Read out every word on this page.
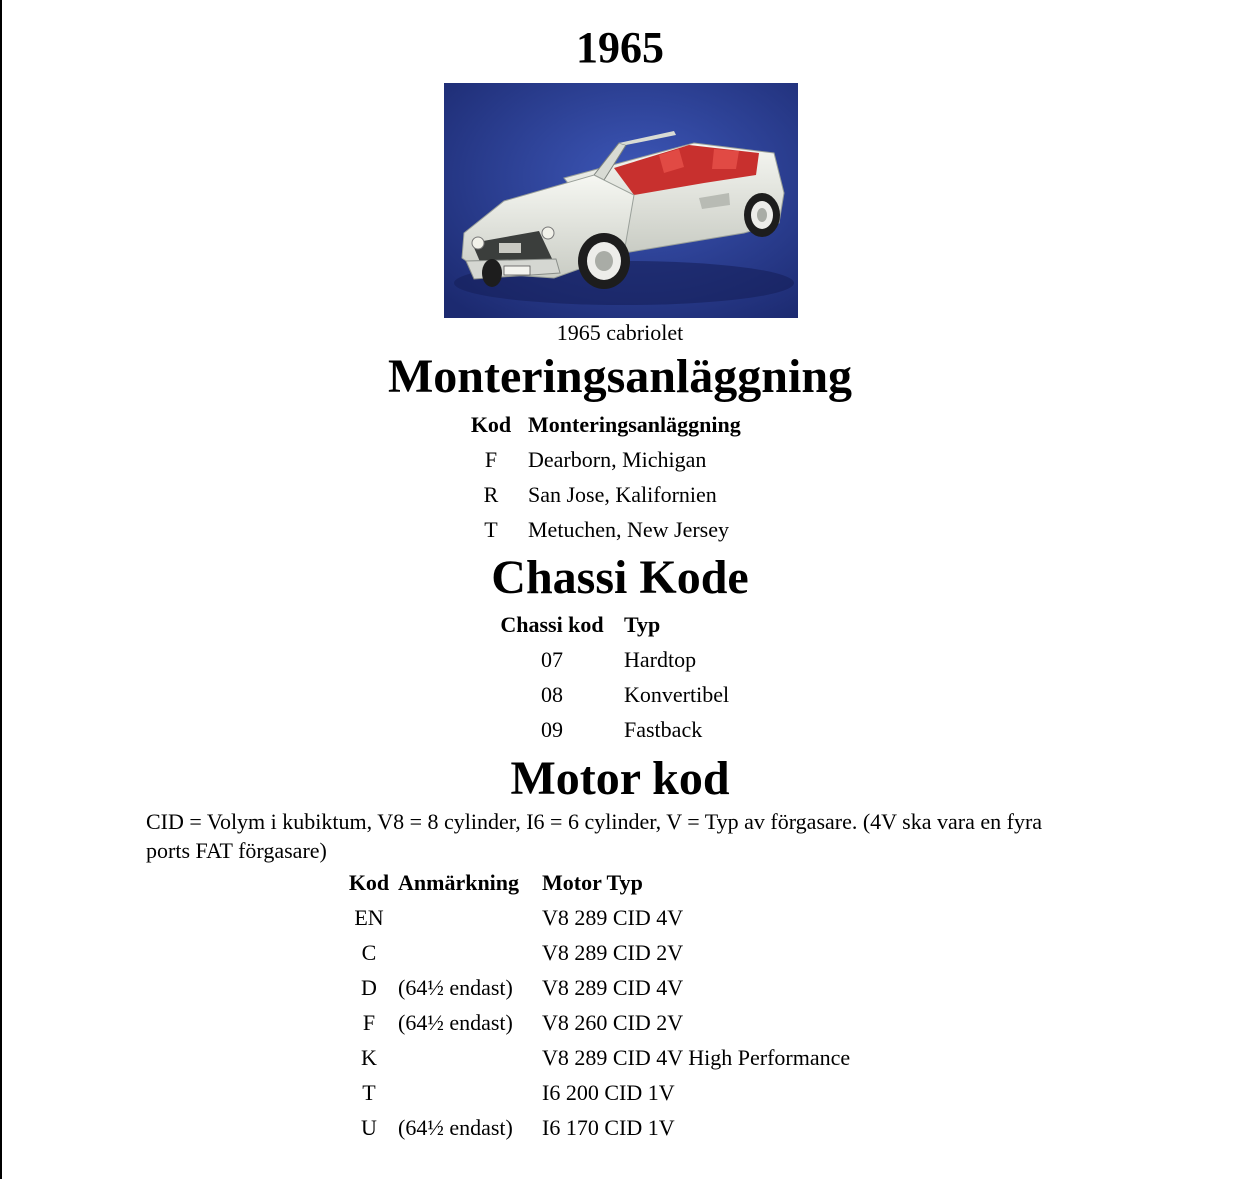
1965
1965 cabriolet
Monteringsanläggning
Kod	Monteringsanläggning
F	Dearborn, Michigan
R	San Jose, Kalifornien
T	Metuchen, New Jersey
Chassi Kode
Chassi kod	Typ
07	Hardtop
08	Konvertibel
09	Fastback
Motor kod
CID = Volym i kubiktum, V8 = 8 cylinder, I6 = 6 cylinder, V = Typ av förgasare. (4V ska vara en fyra ports FAT förgasare)
Kod	Anmärkning	Motor Typ
EN		V8 289 CID 4V
C		V8 289 CID 2V
D	(64½ endast)	V8 289 CID 4V
F	(64½ endast)	V8 260 CID 2V
K		V8 289 CID 4V High Performance
T		I6 200 CID 1V
U	(64½ endast)	I6 170 CID 1V
